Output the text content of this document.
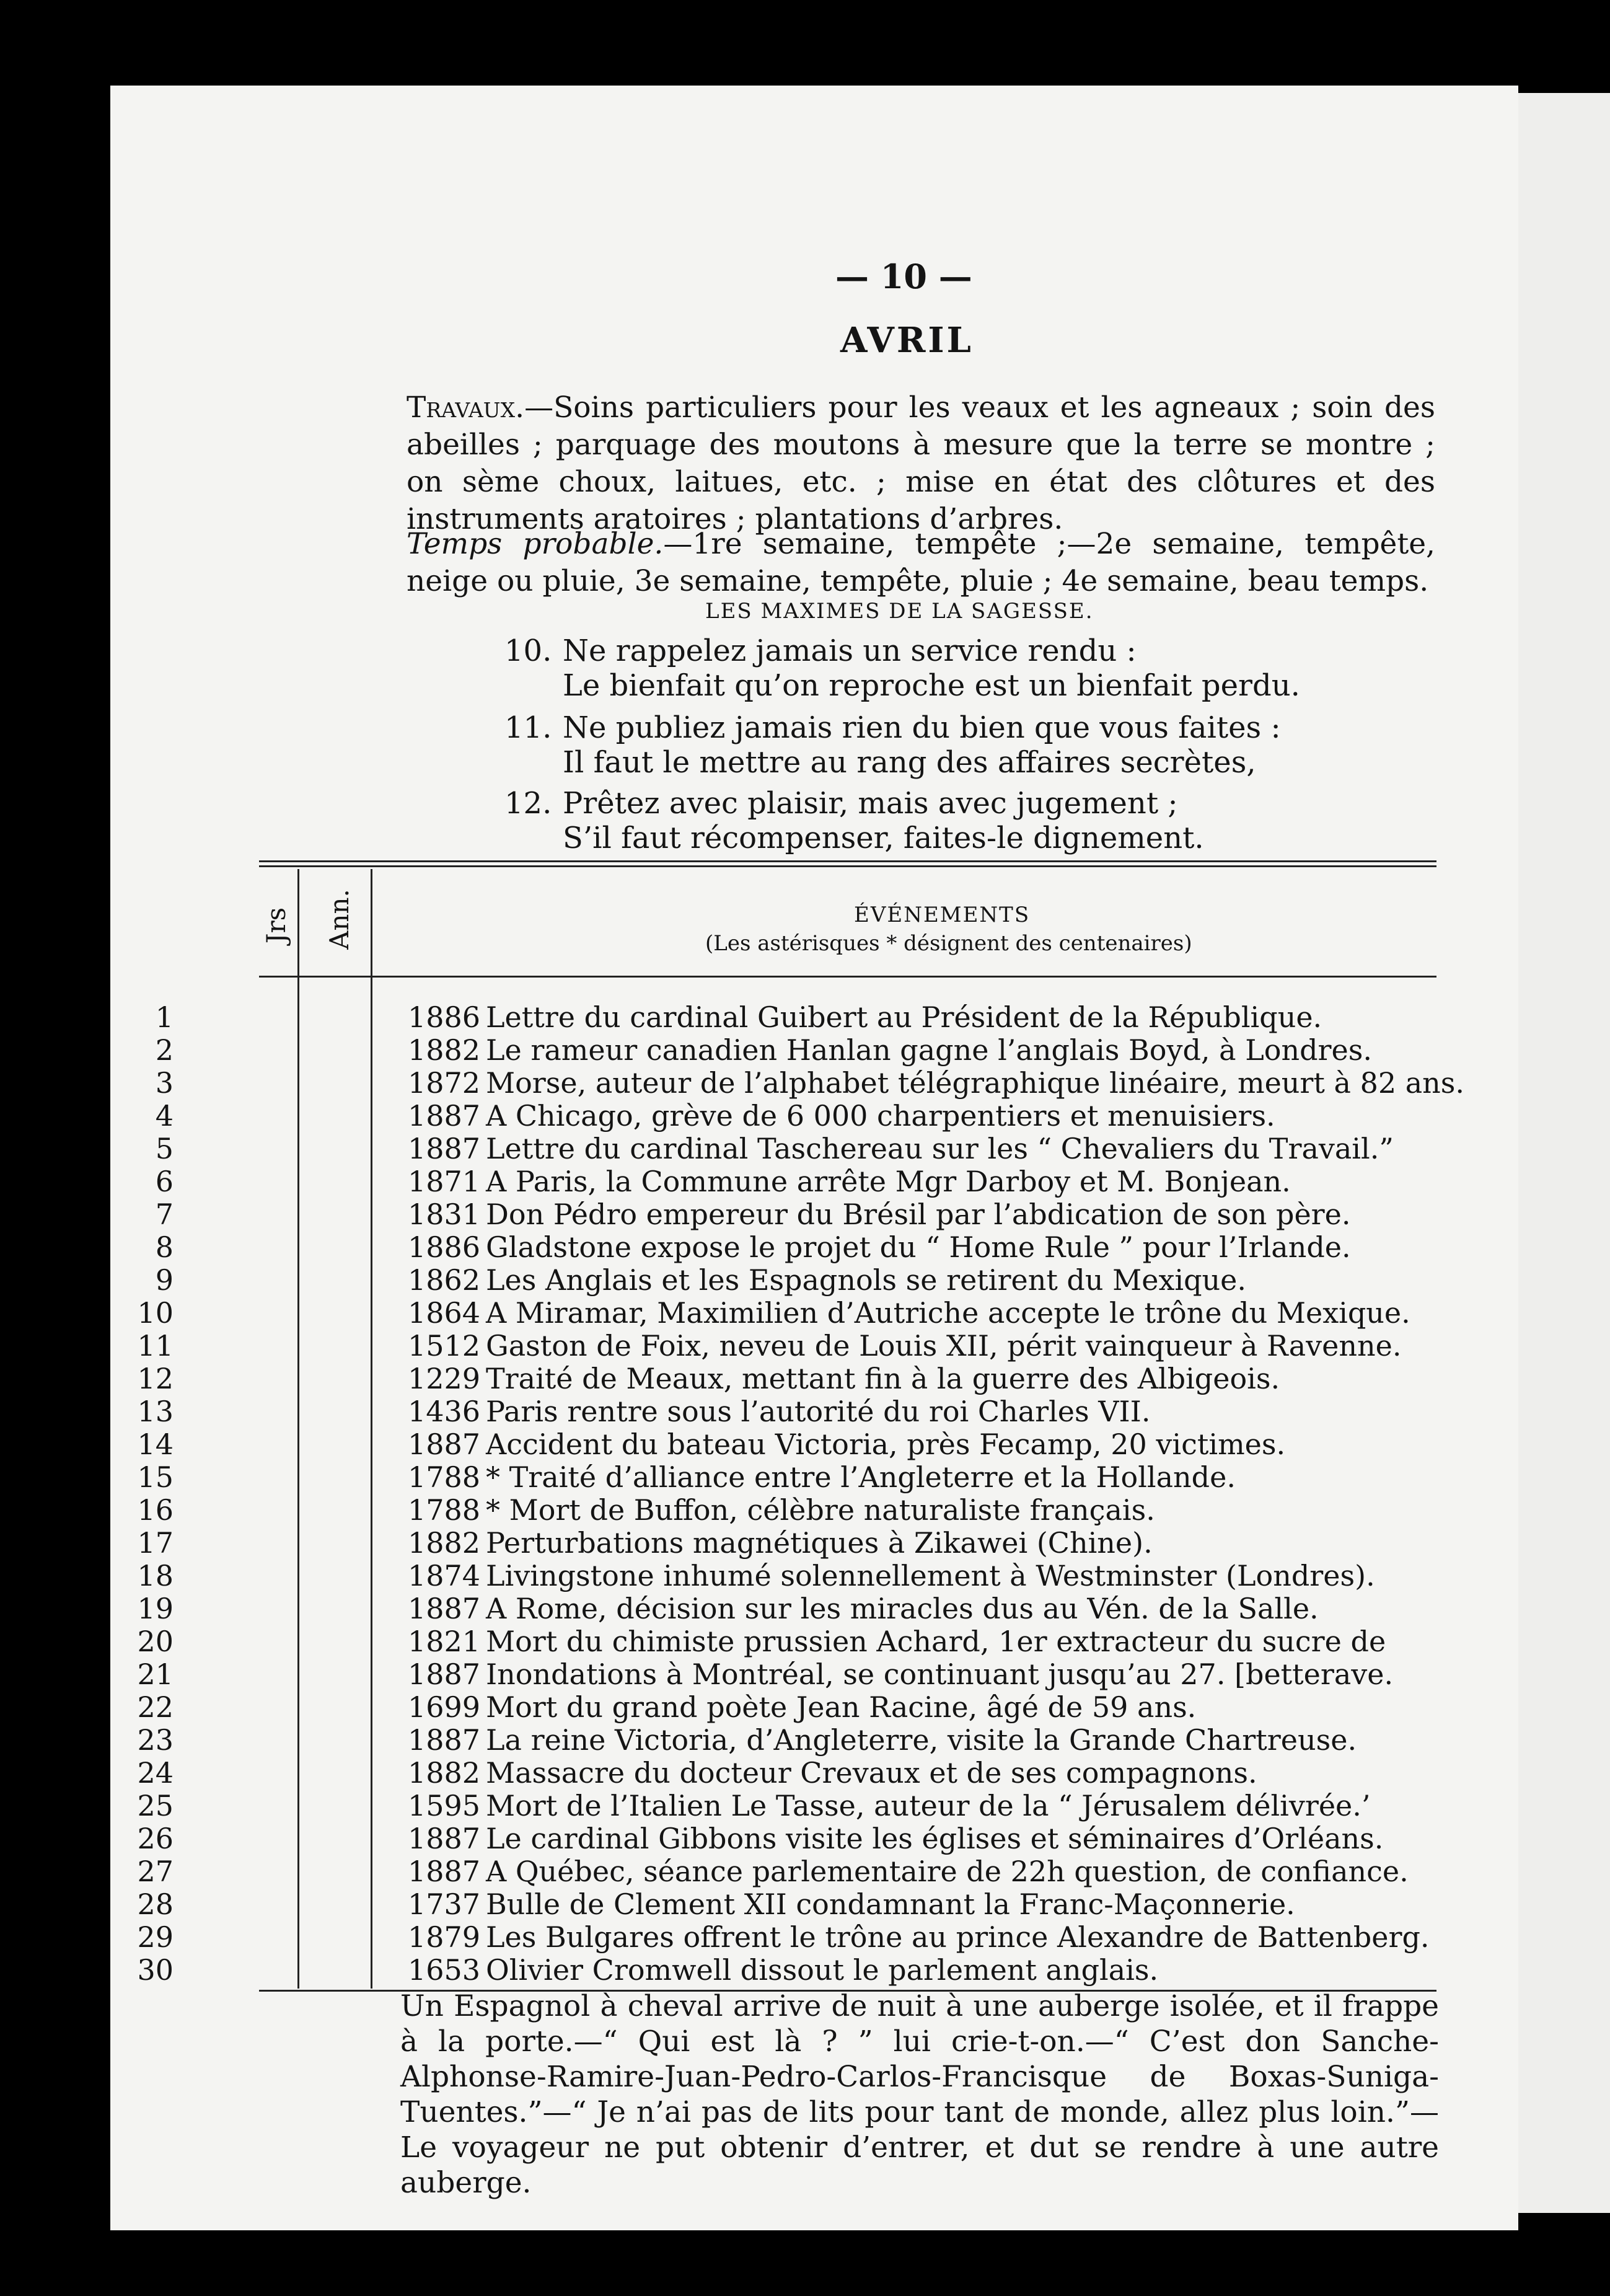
— 10 —
AVRIL
Travaux.—Soins particuliers pour les veaux et les agneaux ; soin des abeilles ; parquage des moutons à mesure que la terre se montre ; on sème choux, laitues, etc. ; mise en état des clôtures et des instruments aratoires ; plantations d’arbres.
Temps probable.—1re semaine, tempête ;—2e semaine, tempête, neige ou pluie, 3e semaine, tempête, pluie ; 4e semaine, beau temps.
LES MAXIMES DE LA SAGESSE.
10. Ne rappelez jamais un service rendu :
Le bienfait qu’on reproche est un bienfait perdu.
11. Ne publiez jamais rien du bien que vous faites :
Il faut le mettre au rang des affaires secrètes,
12. Prêtez avec plaisir, mais avec jugement ;
S’il faut récompenser, faites-le dignement.
Jrs Ann.	ÉVÉNEMENTS
(Les astérisques * désignent des centenaires)
1	1886 Lettre du cardinal Guibert au Président de la République.
2	1882 Le rameur canadien Hanlan gagne l’anglais Boyd, à Londres.
3	1872 Morse, auteur de l’alphabet télégraphique linéaire, meurt à 82 ans.
4	1887 A Chicago, grève de 6 000 charpentiers et menuisiers.
5	1887 Lettre du cardinal Taschereau sur les “ Chevaliers du Travail.”
6	1871 A Paris, la Commune arrête Mgr Darboy et M. Bonjean.
7	1831 Don Pédro empereur du Brésil par l’abdication de son père.
8	1886 Gladstone expose le projet du “ Home Rule ” pour l’Irlande.
9	1862 Les Anglais et les Espagnols se retirent du Mexique.
10	1864 A Miramar, Maximilien d’Autriche accepte le trône du Mexique.
11	1512 Gaston de Foix, neveu de Louis XII, périt vainqueur à Ravenne.
12	1229 Traité de Meaux, mettant fin à la guerre des Albigeois.
13	1436 Paris rentre sous l’autorité du roi Charles VII.
14	1887 Accident du bateau Victoria, près Fecamp, 20 victimes.
15	1788 * Traité d’alliance entre l’Angleterre et la Hollande.
16	1788 * Mort de Buffon, célèbre naturaliste français.
17	1882 Perturbations magnétiques à Zikawei (Chine).
18	1874 Livingstone inhumé solennellement à Westminster (Londres).
19	1887 A Rome, décision sur les miracles dus au Vén. de la Salle.
20	1821 Mort du chimiste prussien Achard, 1er extracteur du sucre de
21	1887 Inondations à Montréal, se continuant jusqu’au 27. [betterave.
22	1699 Mort du grand poète Jean Racine, âgé de 59 ans.
23	1887 La reine Victoria, d’Angleterre, visite la Grande Chartreuse.
24	1882 Massacre du docteur Crevaux et de ses compagnons.
25	1595 Mort de l’Italien Le Tasse, auteur de la “ Jérusalem délivrée.’
26	1887 Le cardinal Gibbons visite les églises et séminaires d’Orléans.
27	1887 A Québec, séance parlementaire de 22h question, de confiance.
28	1737 Bulle de Clement XII condamnant la Franc-Maçonnerie.
29	1879 Les Bulgares offrent le trône au prince Alexandre de Battenberg.
30	1653 Olivier Cromwell dissout le parlement anglais.
Un Espagnol à cheval arrive de nuit à une auberge isolée, et il frappe à la porte.—“ Qui est là ? ” lui crie-t-on.—“ C’est don Sanche-Alphonse-Ramire-Juan-Pedro-Carlos-Francisque de Boxas-Suniga-Tuentes.”—“ Je n’ai pas de lits pour tant de monde, allez plus loin.”— Le voyageur ne put obtenir d’entrer, et dut se rendre à une autre auberge.
